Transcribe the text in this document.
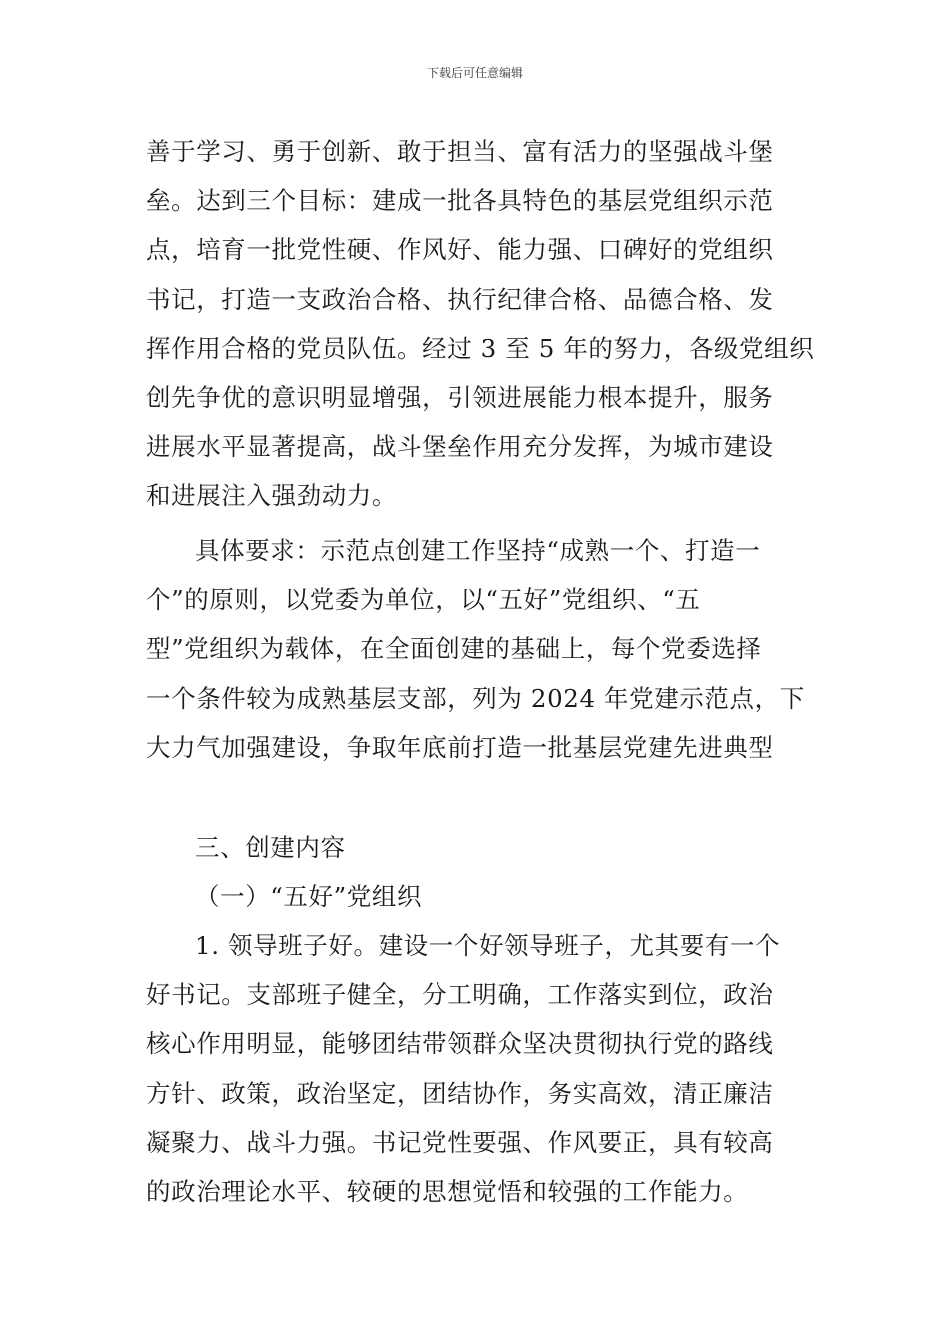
下载后可任意编辑
善于学习、勇于创新、敢于担当、富有活力的坚强战斗堡
垒。达到三个目标：建成一批各具特色的基层党组织示范
点，培育一批党性硬、作风好、能力强、口碑好的党组织
书记，打造一支政治合格、执行纪律合格、品德合格、发
挥作用合格的党员队伍。经过 3 至 5 年的努力，各级党组织
创先争优的意识明显增强，引领进展能力根本提升，服务
进展水平显著提高，战斗堡垒作用充分发挥，为城市建设
和进展注入强劲动力。
具体要求：示范点创建工作坚持“成熟一个、打造一
个”的原则，以党委为单位，以“五好”党组织、“五
型”党组织为载体，在全面创建的基础上，每个党委选择
一个条件较为成熟基层支部，列为 2024 年党建示范点，下
大力气加强建设，争取年底前打造一批基层党建先进典型
三、创建内容
（一）“五好”党组织
1. 领导班子好。建设一个好领导班子，尤其要有一个
好书记。支部班子健全，分工明确，工作落实到位，政治
核心作用明显，能够团结带领群众坚决贯彻执行党的路线
方针、政策，政治坚定，团结协作，务实高效，清正廉洁
凝聚力、战斗力强。书记党性要强、作风要正，具有较高
的政治理论水平、较硬的思想觉悟和较强的工作能力。
